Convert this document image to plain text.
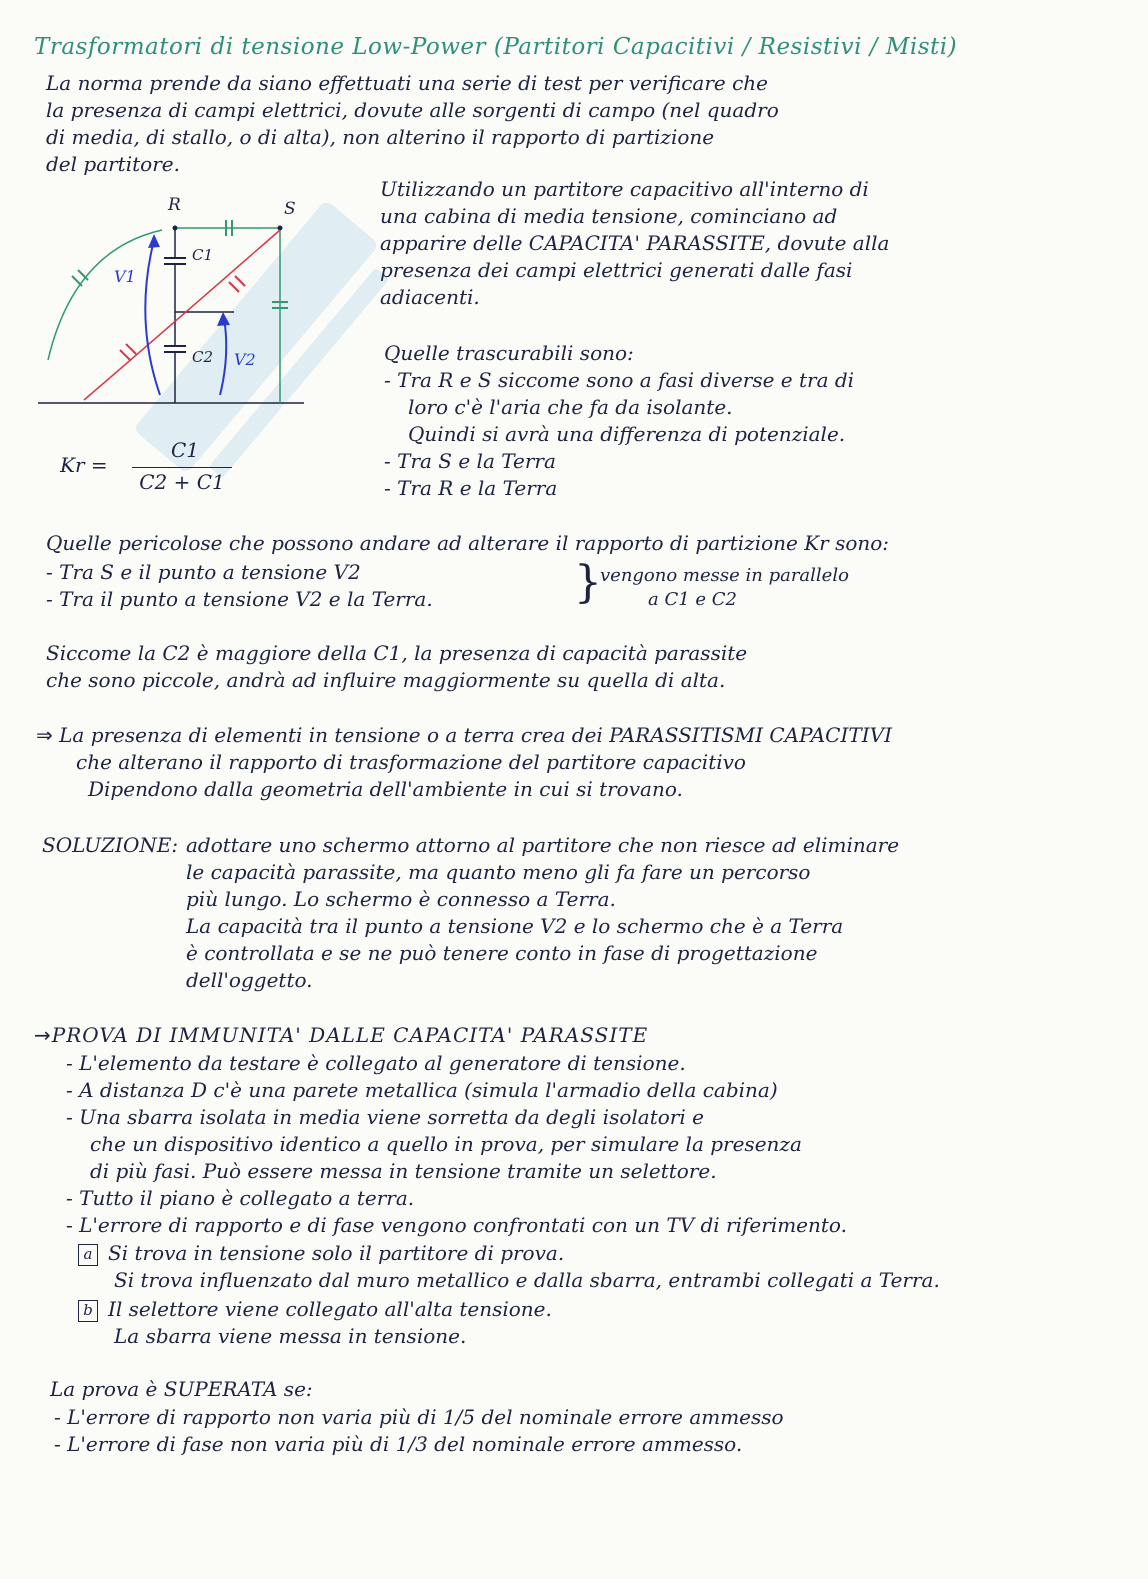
Trasformatori di tensione Low-Power (Partitori Capacitivi / Resistivi / Misti)
La norma prende da siano effettuati una serie di test per verificare che
la presenza di campi elettrici, dovute alle sorgenti di campo (nel quadro
di media, di stallo, o di alta), non alterino il rapporto di partizione
del partitore.
R	S
C1
C2
V1
V2
Kr =
C1
C2 + C1
Utilizzando un partitore capacitivo all'interno di
una cabina di media tensione, cominciano ad
apparire delle CAPACITA' PARASSITE, dovute alla
presenza dei campi elettrici generati dalle fasi
adiacenti.
Quelle trascurabili sono:
- Tra R e S siccome sono a fasi diverse e tra di
loro c'è l'aria che fa da isolante.
Quindi si avrà una differenza di potenziale.
- Tra S e la Terra
- Tra R e la Terra
Quelle pericolose che possono andare ad alterare il rapporto di partizione Kr sono:
- Tra S e il punto a tensione V2
- Tra il punto a tensione V2 e la Terra.	}
vengono messe in parallelo
a C1 e C2
Siccome la C2 è maggiore della C1, la presenza di capacità parassite
che sono piccole, andrà ad influire maggiormente su quella di alta.
⇒ La presenza di elementi in tensione o a terra crea dei PARASSITISMI CAPACITIVI
che alterano il rapporto di trasformazione del partitore capacitivo
Dipendono dalla geometria dell'ambiente in cui si trovano.
SOLUZIONE: adottare uno schermo attorno al partitore che non riesce ad eliminare
le capacità parassite, ma quanto meno gli fa fare un percorso
più lungo. Lo schermo è connesso a Terra.
La capacità tra il punto a tensione V2 e lo schermo che è a Terra
è controllata e se ne può tenere conto in fase di progettazione
dell'oggetto.
→PROVA DI IMMUNITA' DALLE CAPACITA' PARASSITE
- L'elemento da testare è collegato al generatore di tensione.
- A distanza D c'è una parete metallica (simula l'armadio della cabina)
- Una sbarra isolata in media viene sorretta da degli isolatori e
che un dispositivo identico a quello in prova, per simulare la presenza
di più fasi. Può essere messa in tensione tramite un selettore.
- Tutto il piano è collegato a terra.
- L'errore di rapporto e di fase vengono confrontati con un TV di riferimento.
a Si trova in tensione solo il partitore di prova.
Si trova influenzato dal muro metallico e dalla sbarra, entrambi collegati a Terra.
b Il selettore viene collegato all'alta tensione.
La sbarra viene messa in tensione.
La prova è SUPERATA se:
- L'errore di rapporto non varia più di 1/5 del nominale errore ammesso
- L'errore di fase non varia più di 1/3 del nominale errore ammesso.
